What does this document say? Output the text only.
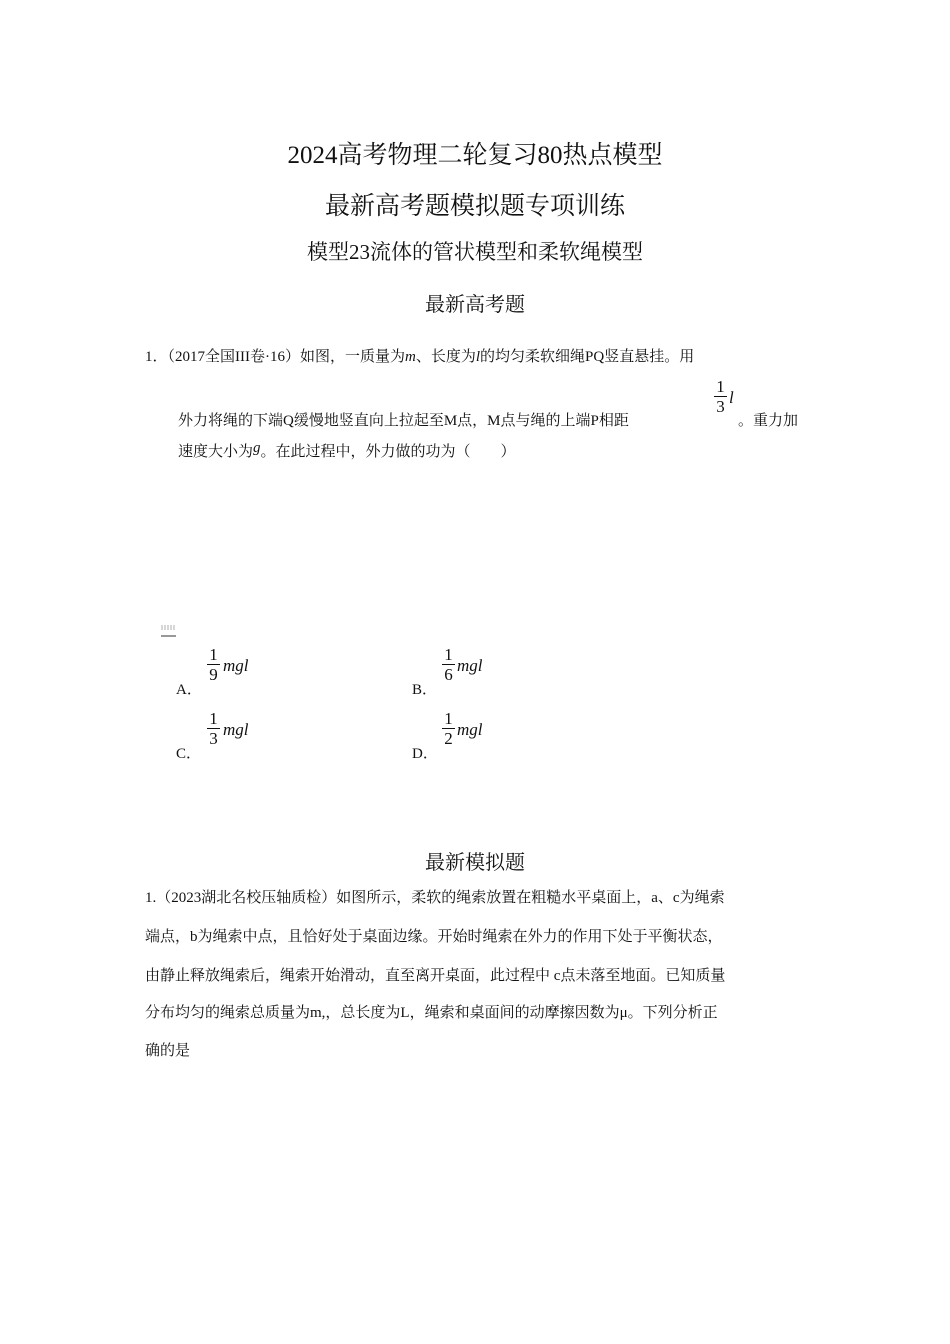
2024高考物理二轮复习80热点模型
最新高考题模拟题专项训练
模型23流体的管状模型和柔软绳模型
最新高考题
1．（2017全国III卷·16）如图，一质量为m、长度为l的均匀柔软细绳PQ竖直悬挂。用
外力将绳的下端Q缓慢地竖直向上拉起至M点，M点与绳的上端P相距
1
3 l
。重力加
速度大小为g。在此过程中，外力做的功为（　　）
A．
1
9 mgl
B．
1
6 mgl
C．
1
3 mgl
D．
1
2 mgl
最新模拟题
1.（2023湖北名校压轴质检）如图所示，柔软的绳索放置在粗糙水平桌面上，a、c为绳索
端点，b为绳索中点，且恰好处于桌面边缘。开始时绳索在外力的作用下处于平衡状态，
由静止释放绳索后，绳索开始滑动，直至离开桌面，此过程中 c点未落至地面。已知质量
分布均匀的绳索总质量为m,，总长度为L，绳索和桌面间的动摩擦因数为μ。下列分析正
确的是
